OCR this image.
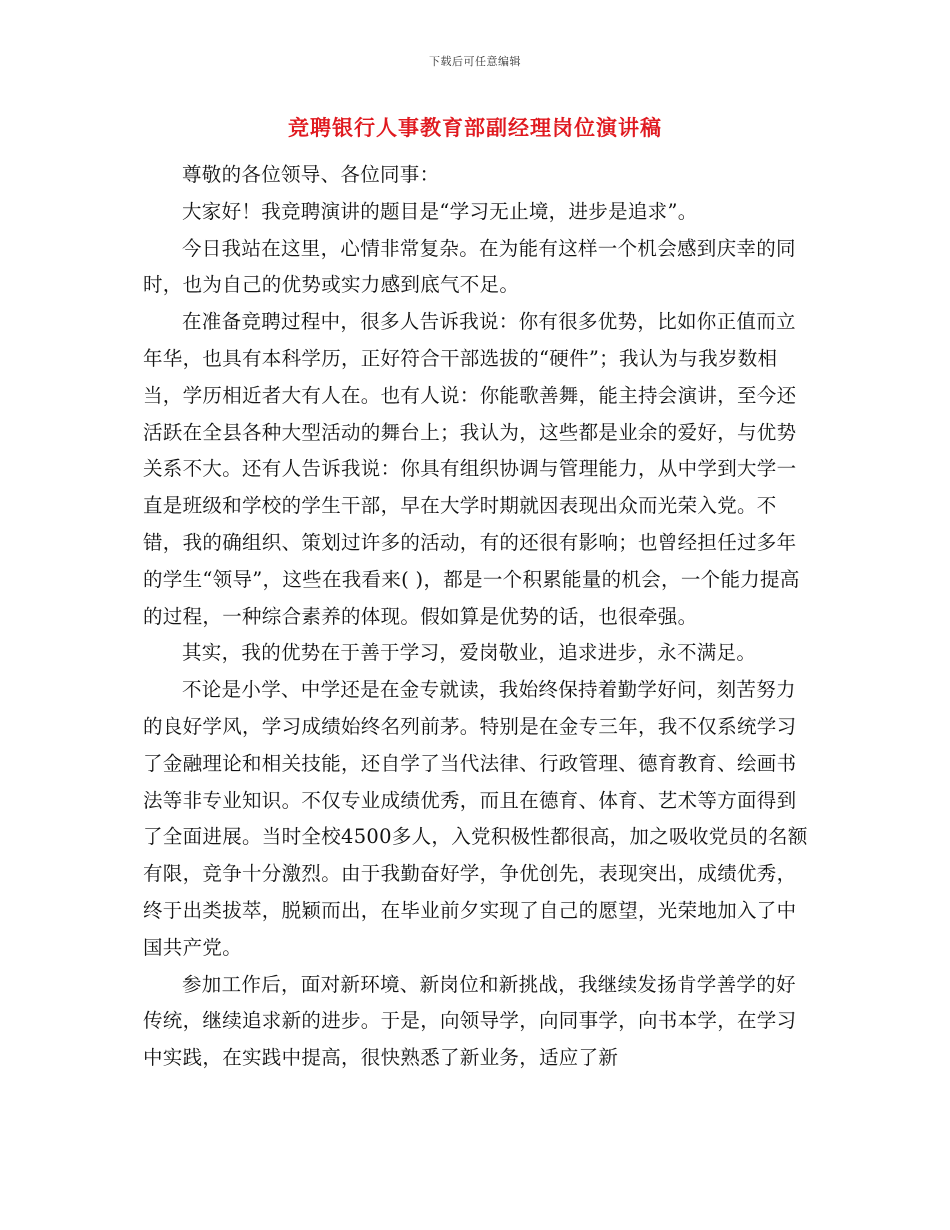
下载后可任意编辑
竞聘银行人事教育部副经理岗位演讲稿

尊敬的各位领导、各位同事：

大家好！我竞聘演讲的题目是“学习无止境，进步是追求”。

今日我站在这里，心情非常复杂。在为能有这样一个机会感到庆幸的同时，也为自己的优势或实力感到底气不足。

在准备竞聘过程中，很多人告诉我说：你有很多优势，比如你正值而立年华，也具有本科学历，正好符合干部选拔的“硬件”；我认为与我岁数相当，学历相近者大有人在。也有人说：你能歌善舞，能主持会演讲，至今还活跃在全县各种大型活动的舞台上；我认为，这些都是业余的爱好，与优势关系不大。还有人告诉我说：你具有组织协调与管理能力，从中学到大学一直是班级和学校的学生干部，早在大学时期就因表现出众而光荣入党。不错，我的确组织、策划过许多的活动，有的还很有影响；也曾经担任过多年的学生“领导”，这些在我看来( )，都是一个积累能量的机会，一个能力提高的过程，一种综合素养的体现。假如算是优势的话，也很牵强。

其实，我的优势在于善于学习，爱岗敬业，追求进步，永不满足。

不论是小学、中学还是在金专就读，我始终保持着勤学好问，刻苦努力的良好学风，学习成绩始终名列前茅。特别是在金专三年，我不仅系统学习了金融理论和相关技能，还自学了当代法律、行政管理、德育教育、绘画书法等非专业知识。不仅专业成绩优秀，而且在德育、体育、艺术等方面得到了全面进展。当时全校4500多人，入党积极性都很高，加之吸收党员的名额有限，竞争十分激烈。由于我勤奋好学，争优创先，表现突出，成绩优秀，终于出类拔萃，脱颖而出，在毕业前夕实现了自己的愿望，光荣地加入了中国共产党。

参加工作后，面对新环境、新岗位和新挑战，我继续发扬肯学善学的好传统，继续追求新的进步。于是，向领导学，向同事学，向书本学，在学习中实践，在实践中提高，很快熟悉了新业务，适应了新
